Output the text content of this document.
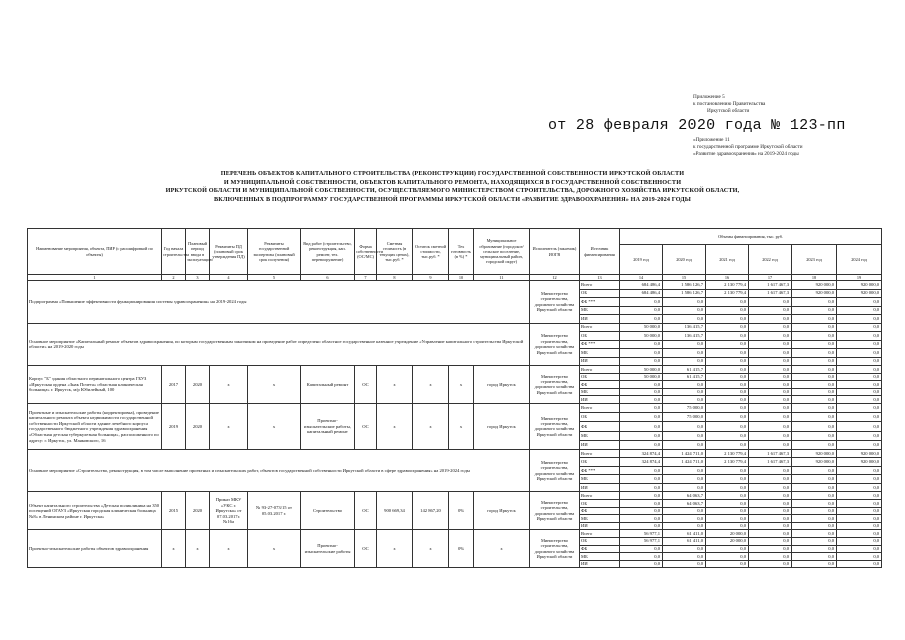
Приложение 5
к постановлению Правительства
Иркутской области
от 28 февраля 2020 года № 123-пп
«Приложение 11
к государственной программе Иркутской области
«Развитие здравоохранения» на 2019-2024 годы
ПЕРЕЧЕНЬ ОБЪЕКТОВ КАПИТАЛЬНОГО СТРОИТЕЛЬСТВА (РЕКОНСТРУКЦИИ) ГОСУДАРСТВЕННОЙ СОБСТВЕННОСТИ ИРКУТСКОЙ ОБЛАСТИ
И МУНИЦИПАЛЬНОЙ СОБСТВЕННОСТИ, ОБЪЕКТОВ КАПИТАЛЬНОГО РЕМОНТА, НАХОДЯЩИХСЯ В ГОСУДАРСТВЕННОЙ СОБСТВЕННОСТИ
ИРКУТСКОЙ ОБЛАСТИ И МУНИЦИПАЛЬНОЙ СОБСТВЕННОСТИ, ОСУЩЕСТВЛЯЕМОГО МИНИСТЕРСТВОМ СТРОИТЕЛЬСТВА, ДОРОЖНОГО ХОЗЯЙСТВА ИРКУТСКОЙ ОБЛАСТИ,
ВКЛЮЧЕННЫХ В ПОДПРОГРАММУ ГОСУДАРСТВЕННОЙ ПРОГРАММЫ ИРКУТСКОЙ ОБЛАСТИ «РАЗВИТИЕ ЗДРАВООХРАНЕНИЯ» НА 2019-2024 ГОДЫ
Наименование мероприятия, объекта, ПИР (с расшифровкой по объекты)	Год начала строительства	Плановый период ввода в эксплуатацию	Реквизиты ПД (плановый срок утверждения ПД)	Реквизиты государственной экспертизы (плановый срок получения)	Вид работ (строительство, реконструкция, кап. ремонт, тех. перевооружение)	Форма собственности (ОС/МС)	Сметная стоимость (в текущих ценах), тыс.руб. *	Остаток сметной стоимости, тыс.руб. *	Тех готовность (в %) *	Муниципальное образование (городское/сельское поселение, муниципальный район, городской округ)	Исполнитель (заказчик) ИОГВ	Источник финансирования	Объемы финансирования, тыс. руб.					
													2019 год	2020 год	2021 год	2022 год	2023 год	2024 год
1	2	3	4	5	6	7	8	9	10	11	12	13	14	15	16	17	18	19
Подпрограмма «Повышение эффективности функционирования системы здравоохранения» на 2019-2024 годы											Министерство строительства, дорожного хозяйства Иркутской области	Всего	684 486,4	1 586 126,7	2 130 779,4	1 617 467,3	920 000,0	920 000,0
												ОБ	684 486,4	1 586 126,7	2 130 779,4	1 617 467,3	920 000,0	920 000,0
												ФБ ***	0,0	0,0	0,0	0,0	0,0	0,0
												МБ	0,0	0,0	0,0	0,0	0,0	0,0
												ИИ	0,0	0,0	0,0	0,0	0,0	0,0
Основное мероприятие «Капитальный ремонт объектов здравоохранения, по которым государственным заказчиком на проведение работ определено областное государственное казенное учреждение «Управление капитального строительства Иркутской области» на 2019-2020 годы											Министерство строительства, дорожного хозяйства Иркутской области	Всего	50 000,0	136 415,7	0,0	0,0	0,0	0,0
												ОБ	50 000,0	136 415,7	0,0	0,0	0,0	0,0
												ФБ ***	0,0	0,0	0,0	0,0	0,0	0,0
												МБ	0,0	0,0	0,0	0,0	0,0	0,0
												ИИ	0,0	0,0	0,0	0,0	0,0	0,0
Корпус "Б" здания областного перинатального центра ГБУЗ «Иркутская ордена «Знак Почета» областная клиническая больница» г. Иркутск, м/р Юбилейный, 100	2017	2020	х	х	Капитальный ремонт	ОС	х	х	х	город Иркутск	Министерство строительства, дорожного хозяйства Иркутской области	Всего	50 000,0	61 415,7	0,0	0,0	0,0	0,0
												ОБ	50 000,0	61 415,7	0,0	0,0	0,0	0,0
												ФБ	0,0	0,0	0,0	0,0	0,0	0,0
												МБ	0,0	0,0	0,0	0,0	0,0	0,0
												ИИ	0,0	0,0	0,0	0,0	0,0	0,0
Проектные и изыскательские работы (корректировка), проведение капитального ремонта объекта недвижимости государственной собственности Иркутской области здание лечебного корпуса государственного бюджетного учреждения здравоохранения «Областная детская туберкулезная больница», расположенного по адресу: г. Иркутск, ул. Маяковского, 16	2019	2020	х	х	Проектно-изыскательские работы, капитальный ремонт	ОС	х	х	х	город Иркутск	Министерство строительства, дорожного хозяйства Иркутской области	Всего	0,0	75 000,0	0,0	0,0	0,0	0,0
												ОБ	0,0	75 000,0	0,0	0,0	0,0	0,0
												ФБ	0,0	0,0	0,0	0,0	0,0	0,0
												МБ	0,0	0,0	0,0	0,0	0,0	0,0
												ИИ	0,0	0,0	0,0	0,0	0,0	0,0
Основное мероприятие «Строительство, реконструкция, в том числе выполнение проектных и изыскательских работ, объектов государственной собственности Иркутской области в сфере здравоохранения» на 2019-2024 годы											Министерство строительства, дорожного хозяйства Иркутской области	Всего	324 874,4	1 424 711,0	2 130 779,4	1 617 467,3	920 000,0	920 000,0
												ОБ	324 874,4	1 424 711,0	2 130 779,4	1 617 467,3	920 000,0	920 000,0
												ФБ ***	0,0	0,0	0,0	0,0	0,0	0,0
												МБ	0,0	0,0	0,0	0,0	0,0	0,0
												ИИ	0,0	0,0	0,0	0,0	0,0	0,0
Объект капитального строительства «Детская поликлиника на 350 посещений ОГАУЗ «Иркутская городская клиническая больница №8» в Ленинском районе г. Иркутска»	2015	2020	Приказ МКУ «УКС г. Иркутска» от 07.03.2017г. №16а	№ 93-27-073/15 от 05.03.2017 г.	Строительство	ОС	900 669,34	142 867,20	0%	город Иркутск	Министерство строительства, дорожного хозяйства Иркутской области	Всего	0,0	64 063,7	0,0	0,0	0,0	0,0
												ОБ	0,0	64 063,7	0,0	0,0	0,0	0,0
												ФБ	0,0	0,0	0,0	0,0	0,0	0,0
												МБ	0,0	0,0	0,0	0,0	0,0	0,0
												ИИ	0,0	0,0	0,0	0,0	0,0	0,0
Проектно-изыскательские работы объектов здравоохранения	х	х	х	х	Проектно-изыскательские работы	ОС	х	х	0%	х	Министерство строительства, дорожного хозяйства Иркутской области	Всего	56 977,1	61 411,0	20 000,0	0,0	0,0	0,0
												ОБ	56 977,1	61 411,0	20 000,0	0,0	0,0	0,0
												ФБ	0,0	0,0	0,0	0,0	0,0	0,0
												МБ	0,0	0,0	0,0	0,0	0,0	0,0
												ИИ	0,0	0,0	0,0	0,0	0,0	0,0
